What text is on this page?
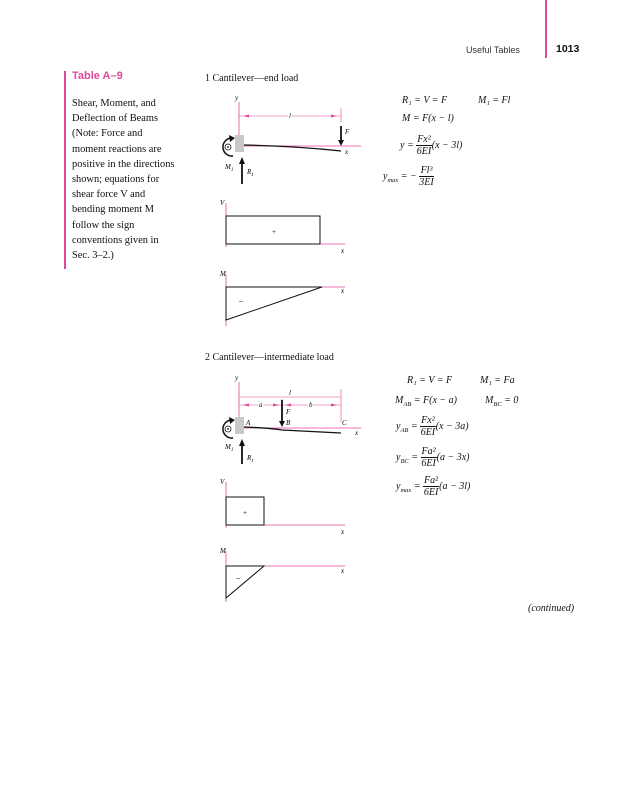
Useful Tables	1013
Table A–9
Shear, Moment, and
Deflection of Beams
(Note: Force and
moment reactions are
positive in the directions
shown; equations for
shear force V and
bending moment M
follow the sign
conventions given in
Sec. 3–2.)
1 Cantilever—end load
y
l
F
x
$M_1$ $R_1$
V
+
x
M
–
x
R₁ = V = F	M₁ = Fl
M = F(x − l)
$y = \frac{\text{Fx²}}{6EI} (x - 3l)$
$y_{max}$ = − $\frac{\text{Fl³}}{3EI}$
2 Cantilever—intermediate load
y
l
a	b
F
A	B	C
x
$M_1$
$R_1$
V
+
x
M
–
x
R₁ = V = F	M₁ = Fa
$M_{AB} = F(x - a)$	$M_{BC} = 0$
$y_{AB} = \frac{\text{Fx²}}{6EI} (x - 3a)$
$y_{BC} = \frac{\text{Fa²}}{6EI} (a - 3x)$
$y_{max} = \frac{\text{Fa²}}{6EI} (a - 3l)$
(continued)
